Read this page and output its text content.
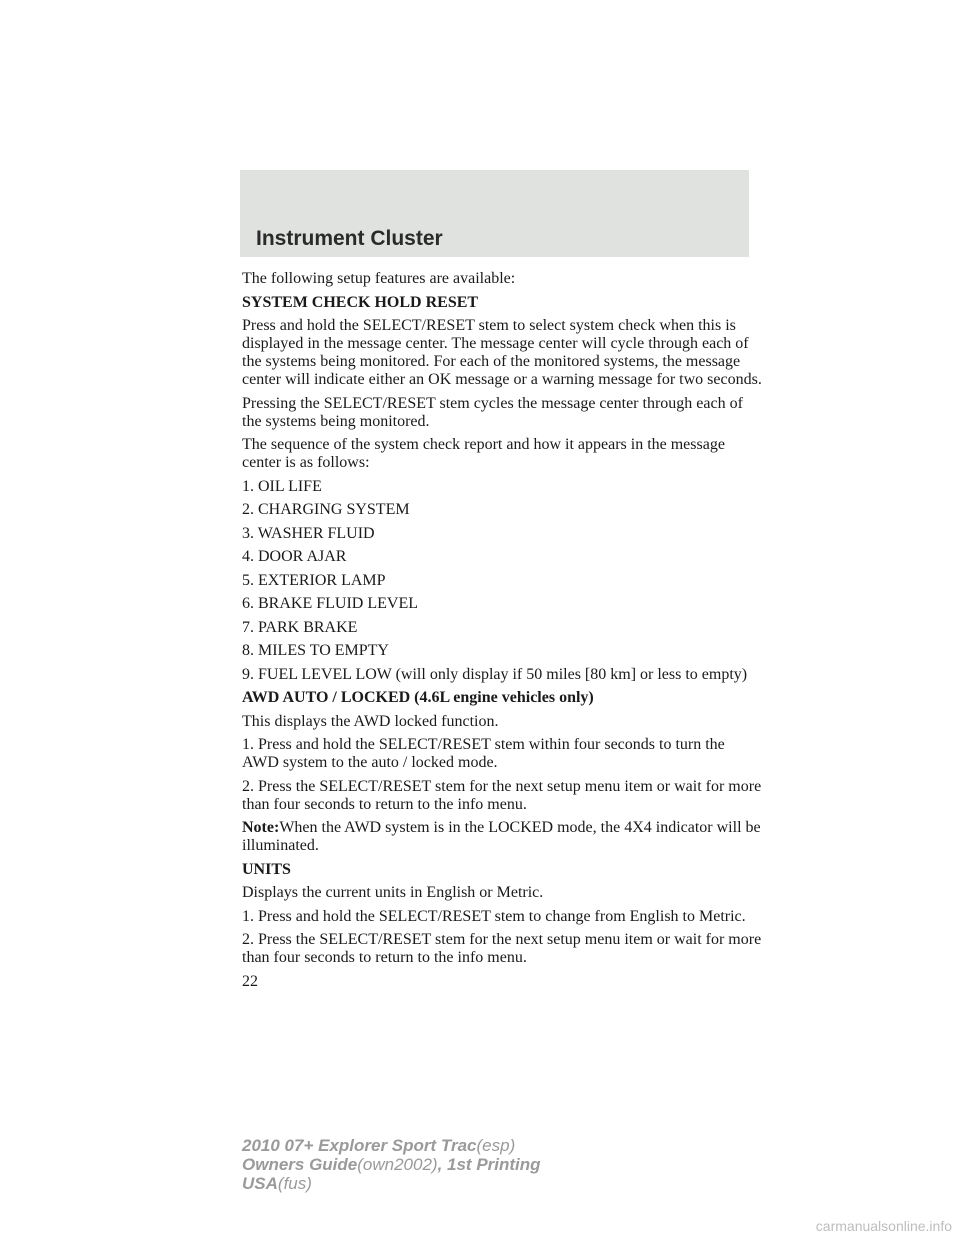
Instrument Cluster

The following setup features are available:

SYSTEM CHECK HOLD RESET

Press and hold the SELECT/RESET stem to select system check when this is displayed in the message center. The message center will cycle through each of the systems being monitored. For each of the monitored systems, the message center will indicate either an OK message or a warning message for two seconds.

Pressing the SELECT/RESET stem cycles the message center through each of the systems being monitored.

The sequence of the system check report and how it appears in the message center is as follows:

1. OIL LIFE

2. CHARGING SYSTEM

3. WASHER FLUID

4. DOOR AJAR

5. EXTERIOR LAMP

6. BRAKE FLUID LEVEL

7. PARK BRAKE

8. MILES TO EMPTY

9. FUEL LEVEL LOW (will only display if 50 miles [80 km] or less to empty)

AWD AUTO / LOCKED (4.6L engine vehicles only)

This displays the AWD locked function.

1. Press and hold the SELECT/RESET stem within four seconds to turn the AWD system to the auto / locked mode.

2. Press the SELECT/RESET stem for the next setup menu item or wait for more than four seconds to return to the info menu.

Note:When the AWD system is in the LOCKED mode, the 4X4 indicator will be illuminated.

UNITS

Displays the current units in English or Metric.

1. Press and hold the SELECT/RESET stem to change from English to Metric.

2. Press the SELECT/RESET stem for the next setup menu item or wait for more than four seconds to return to the info menu.

22

2010 07+ Explorer Sport Trac(esp)
Owners Guide(own2002), 1st Printing
USA(fus)
carmanualsonline.info
